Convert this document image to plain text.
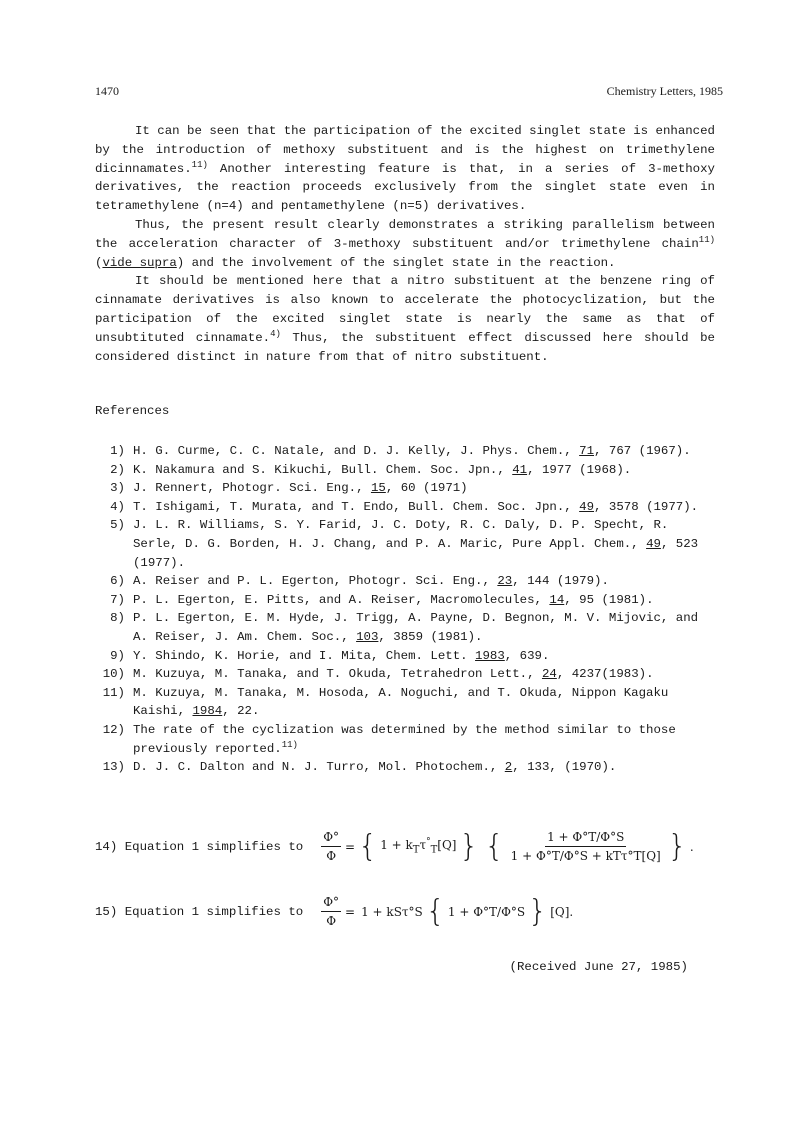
1470	Chemistry Letters, 1985

It can be seen that the participation of the excited singlet state is enhanced by the introduction of methoxy substituent and is the highest on trimethylene dicinnamates.$^{11)}$ Another interesting feature is that, in a series of 3-methoxy derivatives, the reaction proceeds exclusively from the singlet state even in tetramethylene (n=4) and pentamethylene (n=5) derivatives.

Thus, the present result clearly demonstrates a striking parallelism between the acceleration character of 3-methoxy substituent and/or trimethylene chain$^{11)}$ (vide supra) and the involvement of the singlet state in the reaction.

It should be mentioned here that a nitro substituent at the benzene ring of cinnamate derivatives is also known to accelerate the photocyclization, but the participation of the excited singlet state is nearly the same as that of unsubtituted cinnamate.$^{4)}$ Thus, the substituent effect discussed here should be considered distinct in nature from that of nitro substituent.

References
1) H. G. Curme, C. C. Natale, and D. J. Kelly, J. Phys. Chem., 71, 767 (1967).
2) K. Nakamura and S. Kikuchi, Bull. Chem. Soc. Jpn., 41, 1977 (1968).
3) J. Rennert, Photogr. Sci. Eng., 15, 60 (1971)
4) T. Ishigami, T. Murata, and T. Endo, Bull. Chem. Soc. Jpn., 49, 3578 (1977).
5) J. L. R. Williams, S. Y. Farid, J. C. Doty, R. C. Daly, D. P. Specht, R. Serle, D. G. Borden, H. J. Chang, and P. A. Maric, Pure Appl. Chem., 49, 523 (1977).
6) A. Reiser and P. L. Egerton, Photogr. Sci. Eng., 23, 144 (1979).
7) P. L. Egerton, E. Pitts, and A. Reiser, Macromolecules, 14, 95 (1981).
8) P. L. Egerton, E. M. Hyde, J. Trigg, A. Payne, D. Begnon, M. V. Mijovic, and A. Reiser, J. Am. Chem. Soc., 103, 3859 (1981).
9) Y. Shindo, K. Horie, and I. Mita, Chem. Lett. 1983, 639.
10) M. Kuzuya, M. Tanaka, and T. Okuda, Tetrahedron Lett., 24, 4237(1983).
11) M. Kuzuya, M. Tanaka, M. Hosoda, A. Noguchi, and T. Okuda, Nippon Kagaku Kaishi, 1984, 22.
12) The rate of the cyclization was determined by the method similar to those previously reported.$^{11)}$
13) D. J. C. Dalton and N. J. Turro, Mol. Photochem., 2, 133, (1970).
14) Equation 1 simplifies to $\frac{\Phi^\circ}{\Phi}$ = { $1 + k_T\tau^\circ_T[Q]$ } { $\frac{1 + \Phi^\circ T/\Phi^\circ S}{\text{1 + Φ°T/Φ°S + kTτ°T[Q]}}$ } .
15) Equation 1 simplifies to $\frac{\Phi^\circ}{\Phi} = 1 + kS\tau^\circ S$ { 1 + Φ°T/Φ°S } [Q].
(Received June 27, 1985)
